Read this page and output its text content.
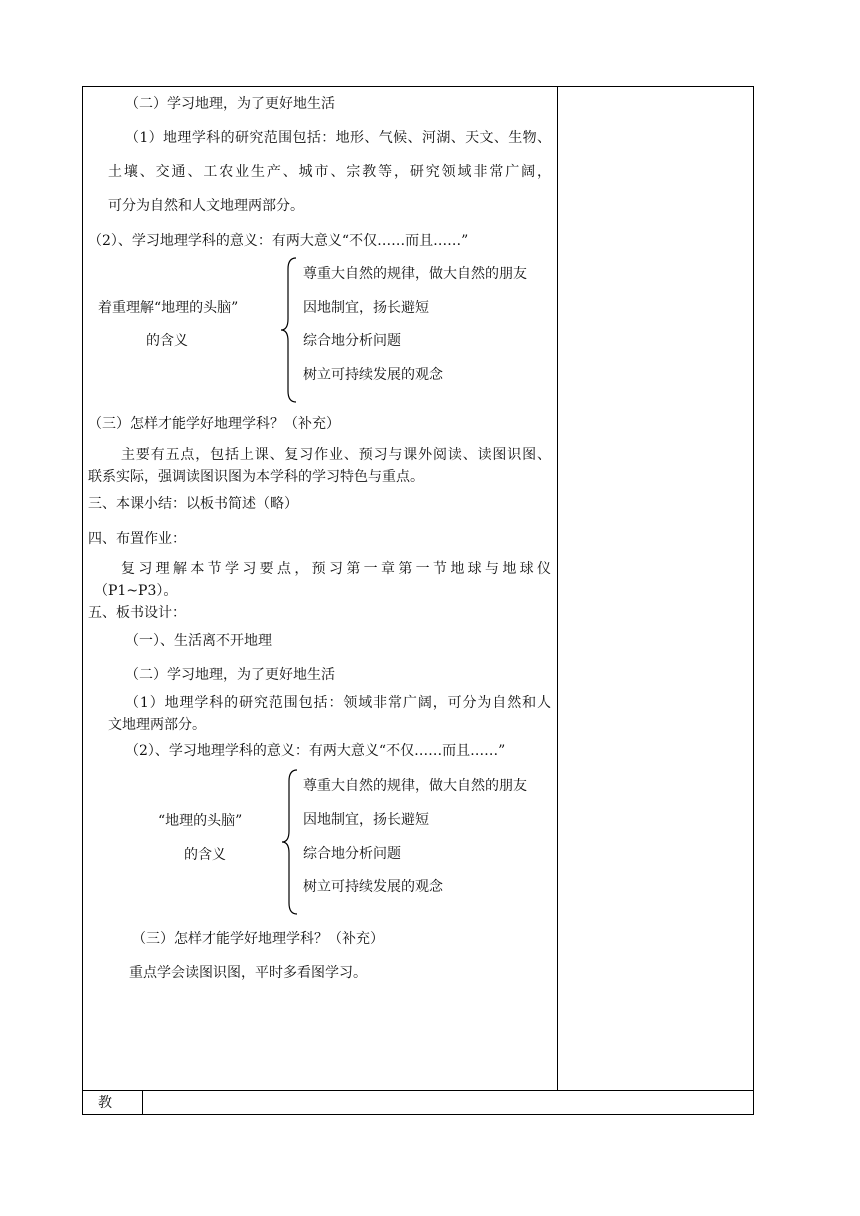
（二）学习地理，为了更好地生活
（1）地理学科的研究范围包括：地形、气候、河湖、天文、生物、
土壤、交通、工农业生产、城市、宗教等，研究领域非常广阔，
可分为自然和人文地理两部分。
（2）、学习地理学科的意义：有两大意义“不仅……而且……”
着重理解“地理的头脑”
的含义
尊重大自然的规律，做大自然的朋友
因地制宜，扬长避短
综合地分析问题
树立可持续发展的观念
（三）怎样才能学好地理学科？（补充）
主要有五点，包括上课、复习作业、预习与课外阅读、读图识图、
联系实际，强调读图识图为本学科的学习特色与重点。
三、本课小结：以板书简述（略）
四、布置作业：
复习理解本节学习要点，预习第一章第一节地球与地球仪
（P1~P3）。
五、板书设计：
（一）、生活离不开地理
（二）学习地理，为了更好地生活
（1）地理学科的研究范围包括：领域非常广阔，可分为自然和人
文地理两部分。
（2）、学习地理学科的意义：有两大意义“不仅……而且……”
“地理的头脑”
的含义
尊重大自然的规律，做大自然的朋友
因地制宜，扬长避短
综合地分析问题
树立可持续发展的观念
（三）怎样才能学好地理学科？（补充）
重点学会读图识图，平时多看图学习。
教
